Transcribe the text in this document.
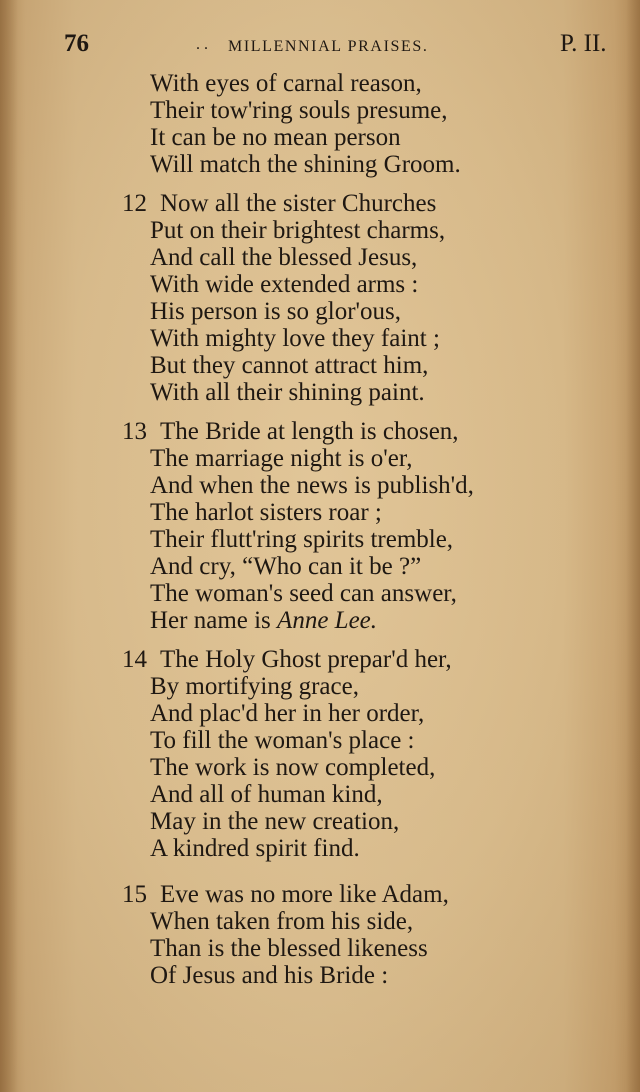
76	. . MILLENNIAL PRAISES.	P. II.
With eyes of carnal reason,
Their tow'ring souls presume,
It can be no mean person
Will match the shining Groom.
12 Now all the sister Churches
Put on their brightest charms,
And call the blessed Jesus,
With wide extended arms :
His person is so glor'ous,
With mighty love they faint ;
But they cannot attract him,
With all their shining paint.
13 The Bride at length is chosen,
The marriage night is o'er,
And when the news is publish'd,
The harlot sisters roar ;
Their flutt'ring spirits tremble,
And cry, “Who can it be ?”
The woman's seed can answer,
Her name is Anne Lee.
14 The Holy Ghost prepar'd her,
By mortifying grace,
And plac'd her in her order,
To fill the woman's place :
The work is now completed,
And all of human kind,
May in the new creation,
A kindred spirit find.
15 Eve was no more like Adam,
When taken from his side,
Than is the blessed likeness
Of Jesus and his Bride :
